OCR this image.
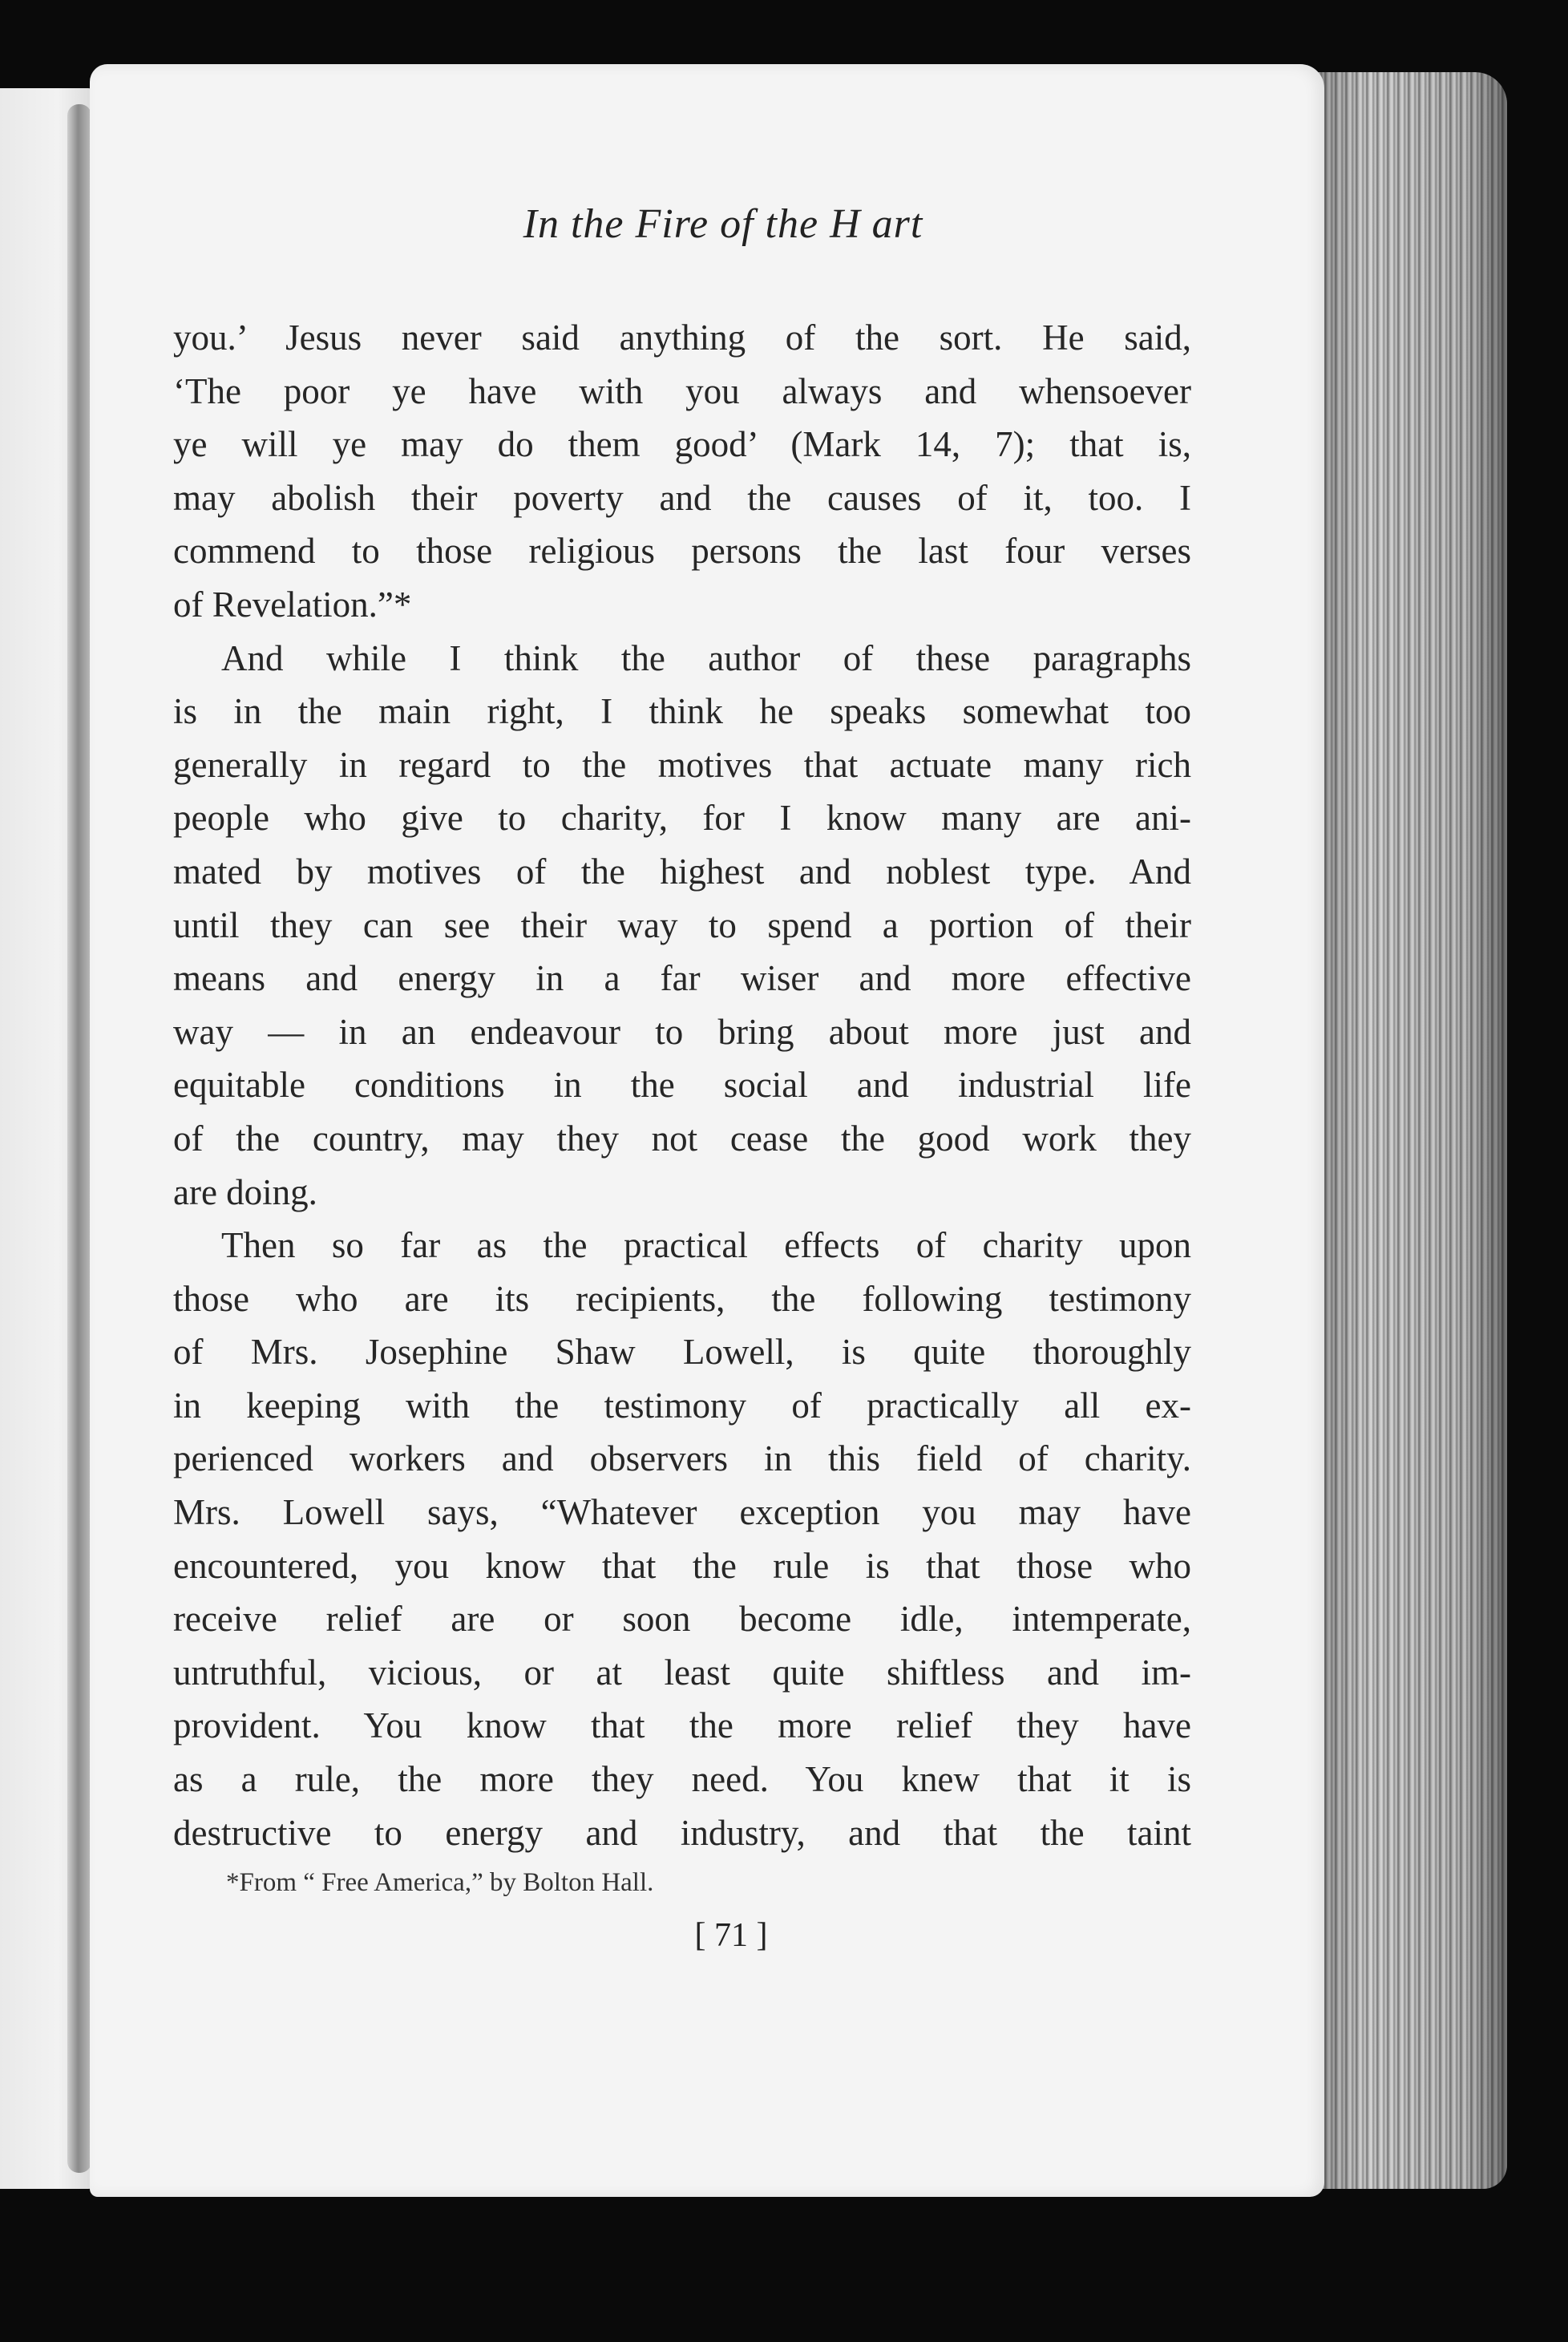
In the Fire of the H art
you.’ Jesus never said anything of the sort. He said,
‘The poor ye have with you always and whensoever
ye will ye may do them good’ (Mark 14, 7); that is,
may abolish their poverty and the causes of it, too. I
commend to those religious persons the last four verses
of Revelation.”*
And while I think the author of these paragraphs
is in the main right, I think he speaks somewhat too
generally in regard to the motives that actuate many rich
people who give to charity, for I know many are ani-
mated by motives of the highest and noblest type. And
until they can see their way to spend a portion of their
means and energy in a far wiser and more effective
way — in an endeavour to bring about more just and
equitable conditions in the social and industrial life
of the country, may they not cease the good work they
are doing.
Then so far as the practical effects of charity upon
those who are its recipients, the following testimony
of Mrs. Josephine Shaw Lowell, is quite thoroughly
in keeping with the testimony of practically all ex-
perienced workers and observers in this field of charity.
Mrs. Lowell says, “Whatever exception you may have
encountered, you know that the rule is that those who
receive relief are or soon become idle, intemperate,
untruthful, vicious, or at least quite shiftless and im-
provident. You know that the more relief they have
as a rule, the more they need. You knew that it is
destructive to energy and industry, and that the taint
*From “ Free America,” by Bolton Hall.
[ 71 ]
